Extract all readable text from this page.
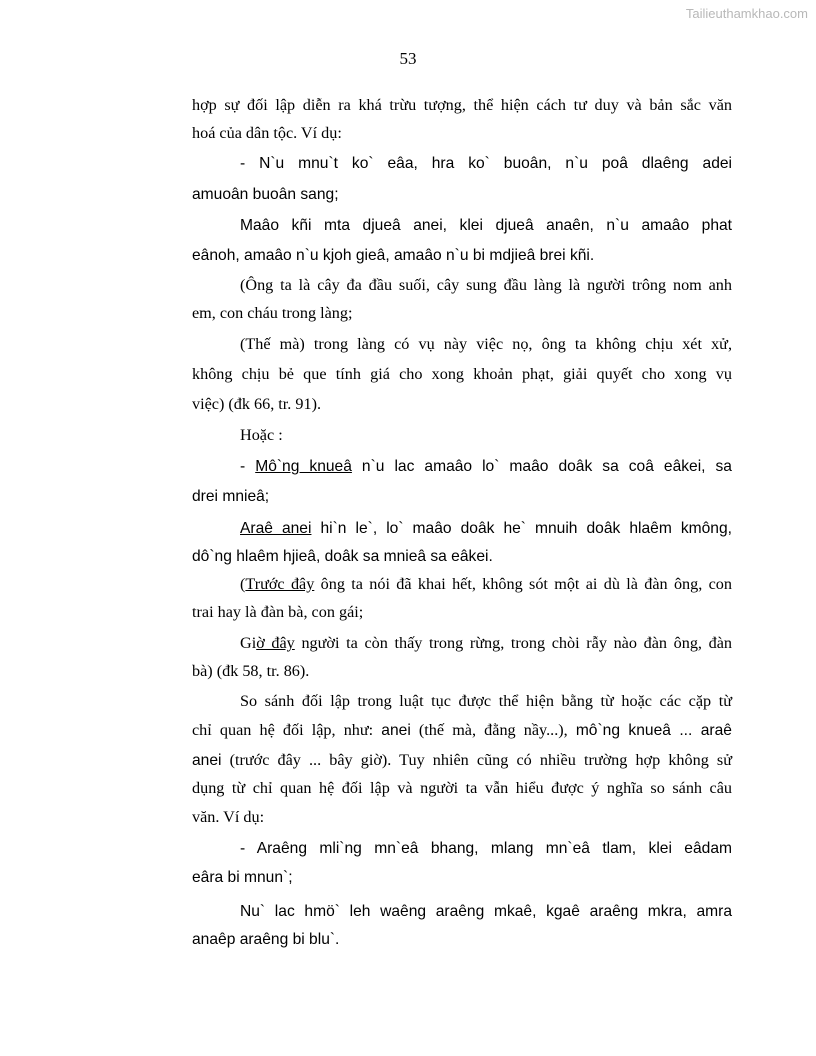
Tailieuthamkhao.com
53
hợp sự đối lập diễn ra khá trừu tượng, thể hiện cách tư duy và bản sắc văn
hoá của dân tộc. Ví dụ:
- N`u mnu`t ko` eâa, hra ko` buoân, n`u poâ dlaêng adei
amuoân buoân sang;
Maâo kñi mta djueâ anei, klei djueâ anaên, n`u amaâo phat
eânoh, amaâo n`u kjoh gieâ, amaâo n`u bi mdjieâ brei kñi.
(Ông ta là cây đa đầu suối, cây sung đầu làng là người trông nom anh
em, con cháu trong làng;
(Thế mà) trong làng có vụ này việc nọ, ông ta không chịu xét xử,
không chịu bẻ que tính giá cho xong khoản phạt, giải quyết cho xong vụ
việc) (đk 66, tr. 91).
Hoặc :
- Mô`ng knueâ n`u lac amaâo lo` maâo doâk sa coâ eâkei, sa
drei mnieâ;
Araê anei hi`n le`, lo` maâo doâk he` mnuih doâk hlaêm kmông,
dô`ng hlaêm hjieâ, doâk sa mnieâ sa eâkei.
(Trước đây ông ta nói đã khai hết, không sót một ai dù là đàn ông, con
trai hay là đàn bà, con gái;
Giờ đây người ta còn thấy trong rừng, trong chòi rẫy nào đàn ông, đàn
bà) (đk 58, tr. 86).
So sánh đối lập trong luật tục được thể hiện bằng từ hoặc các cặp từ
chỉ quan hệ đối lập, như: anei (thế mà, đằng nầy...), mô`ng knueâ ... araê
anei (trước đây ... bây giờ). Tuy nhiên cũng có nhiều trường hợp không sử
dụng từ chỉ quan hệ đối lập và người ta vẫn hiểu được ý nghĩa so sánh câu
văn. Ví dụ:
- Araêng mli`ng mn`eâ bhang, mlang mn`eâ tlam, klei eâdam
eâra bi mnun`;
Nu` lac hmö` leh waêng araêng mkaê, kgaê araêng mkra, amra
anaêp araêng bi blu`.
